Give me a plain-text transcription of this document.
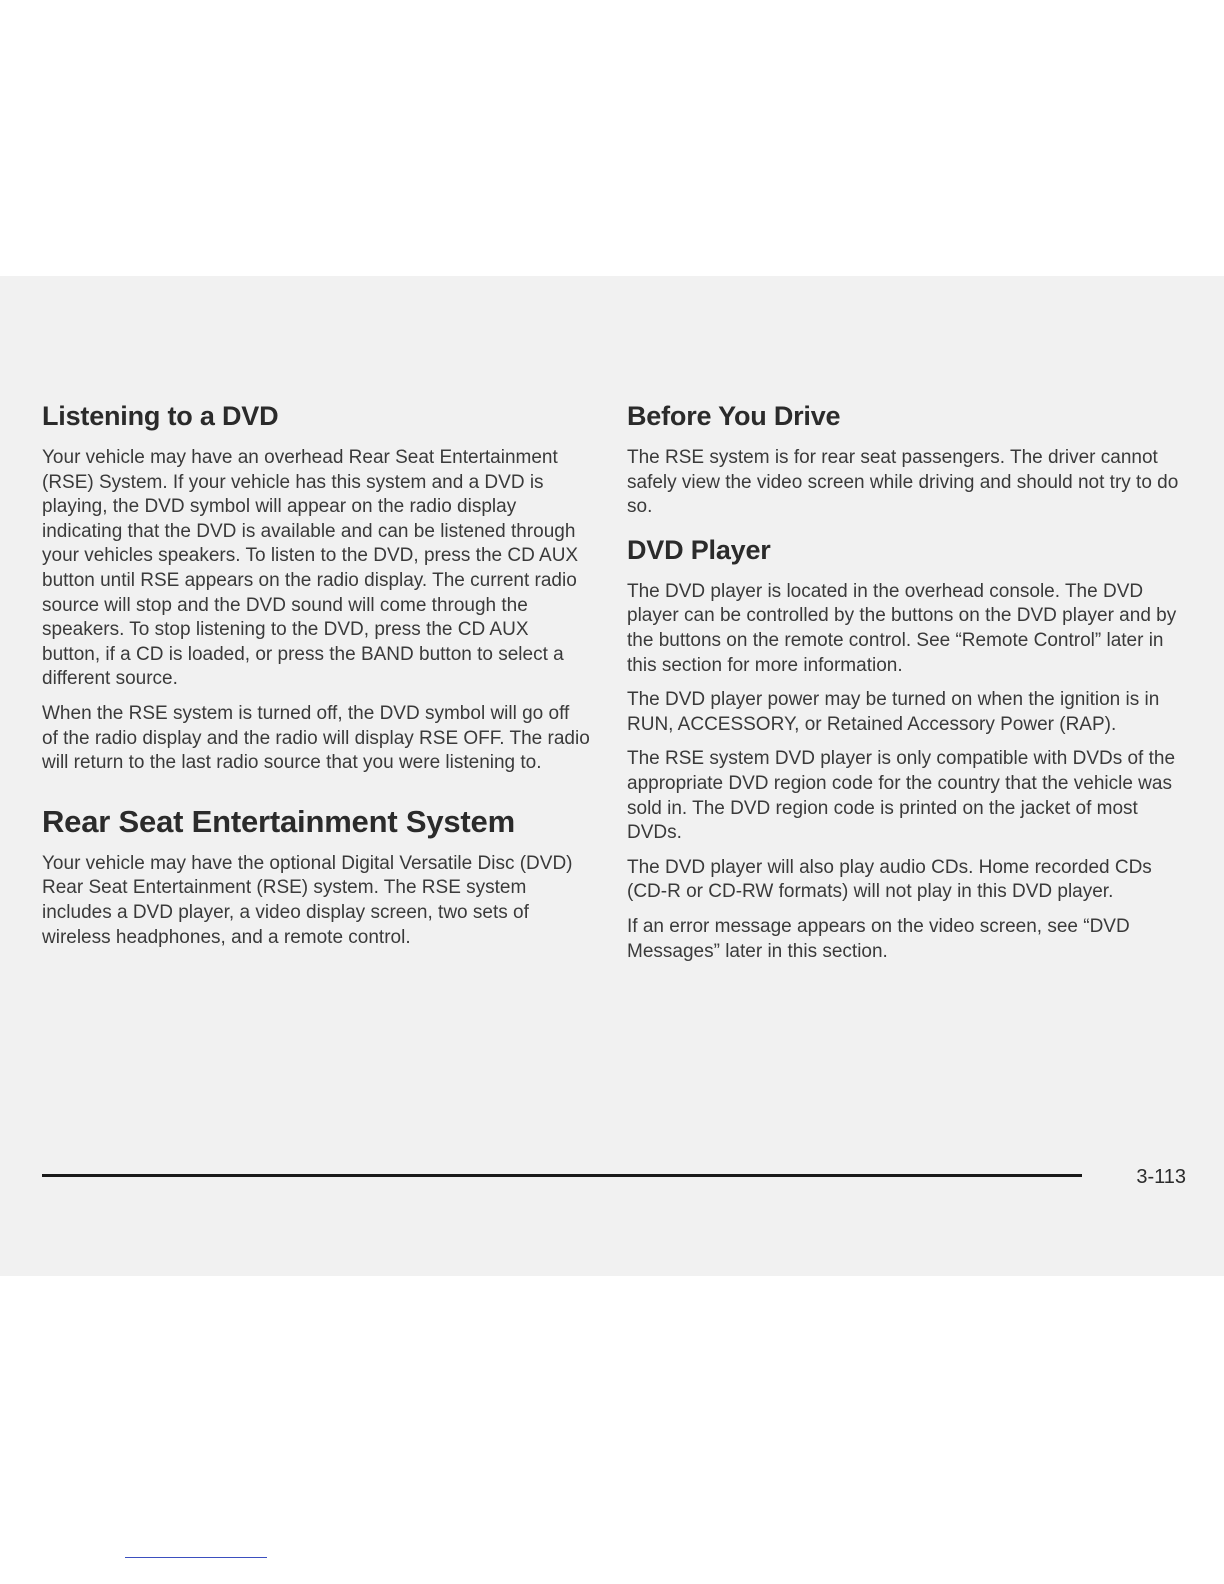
Listening to a DVD

Your vehicle may have an overhead Rear Seat Entertainment (RSE) System. If your vehicle has this system and a DVD is playing, the DVD symbol will appear on the radio display indicating that the DVD is available and can be listened through your vehicles speakers. To listen to the DVD, press the CD AUX button until RSE appears on the radio display. The current radio source will stop and the DVD sound will come through the speakers. To stop listening to the DVD, press the CD AUX button, if a CD is loaded, or press the BAND button to select a different source.

When the RSE system is turned off, the DVD symbol will go off of the radio display and the radio will display RSE OFF. The radio will return to the last radio source that you were listening to.

Rear Seat Entertainment System

Your vehicle may have the optional Digital Versatile Disc (DVD) Rear Seat Entertainment (RSE) system. The RSE system includes a DVD player, a video display screen, two sets of wireless headphones, and a remote control.

Before You Drive

The RSE system is for rear seat passengers. The driver cannot safely view the video screen while driving and should not try to do so.

DVD Player

The DVD player is located in the overhead console. The DVD player can be controlled by the buttons on the DVD player and by the buttons on the remote control. See “Remote Control” later in this section for more information.

The DVD player power may be turned on when the ignition is in RUN, ACCESSORY, or Retained Accessory Power (RAP).

The RSE system DVD player is only compatible with DVDs of the appropriate DVD region code for the country that the vehicle was sold in. The DVD region code is printed on the jacket of most DVDs.

The DVD player will also play audio CDs. Home recorded CDs (CD-R or CD-RW formats) will not play in this DVD player.

If an error message appears on the video screen, see “DVD Messages” later in this section.

3-113
